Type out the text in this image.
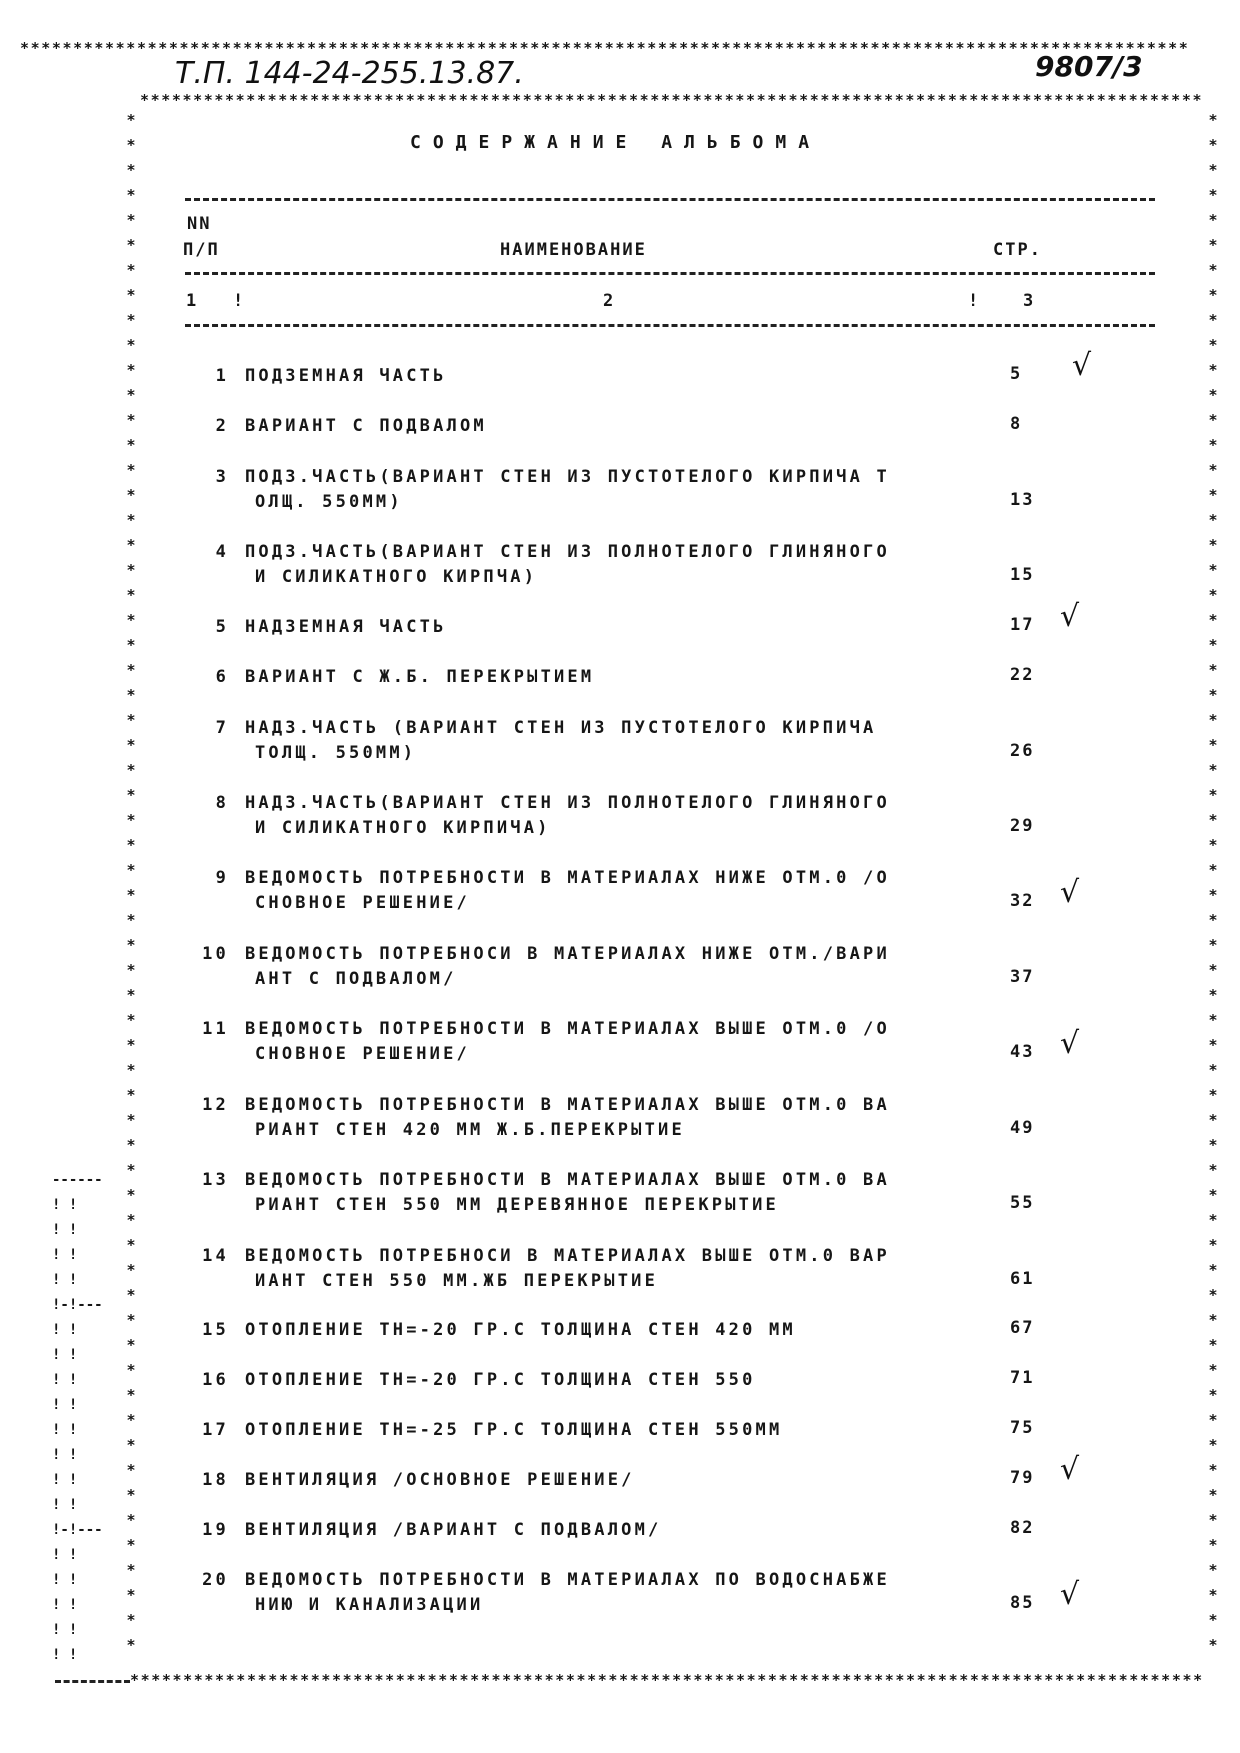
**************************************************************************************************************
****************************************************************************************************
*****************************************************************************************************
*
*
*
*
*
*
*
*
*
*
*
*
*
*
*
*
*
*
*
*
*
*
*
*
*
*
*
*
*
*
*
*
*
*
*
*
*
*
*
*
*
*
*
*
*
*
*
*
*
*
*
*
*
*
*
*
*
*
*
*
*
*
*
*
*
*
*
*
*
*
*
*
*
*
*
*
*
*
*
*
*
*
*
*
*
*
*
*
*
*
*
*
*
*
*
*
*
*
*
*
*
*
*
*
*
*
*
*
*
*
*
*
*
*
*
*
*
*
*
*
*
*
*
*
------
! !
! !
! !
! !
!-!---
! !
! !
! !
! !
! !
! !
! !
! !
!-!---
! !
! !
! !
! !
! !
Т.П. 144-24-255.13.87.	9807/3
СОДЕРЖАНИЕ АЛЬБОМА
NN
П/П	НАИМЕНОВАНИЕ	СТР.
1 !	2	!	3
1 ПОДЗЕМНАЯ ЧАСТЬ	5	√
2 ВАРИАНТ С ПОДВАЛОМ	8
3 ПОДЗ.ЧАСТЬ(ВАРИАНТ СТЕН ИЗ ПУСТОТЕЛОГО КИРПИЧА Т
ОЛЩ. 550ММ)	13
4 ПОДЗ.ЧАСТЬ(ВАРИАНТ СТЕН ИЗ ПОЛНОТЕЛОГО ГЛИНЯНОГО
И СИЛИКАТНОГО КИРПЧА)	15
5 НАДЗЕМНАЯ ЧАСТЬ	17 √
6 ВАРИАНТ С Ж.Б. ПЕРЕКРЫТИЕМ	22
7 НАДЗ.ЧАСТЬ (ВАРИАНТ СТЕН ИЗ ПУСТОТЕЛОГО КИРПИЧА
ТОЛЩ. 550ММ)	26
8 НАДЗ.ЧАСТЬ(ВАРИАНТ СТЕН ИЗ ПОЛНОТЕЛОГО ГЛИНЯНОГО
И СИЛИКАТНОГО КИРПИЧА)	29
9 ВЕДОМОСТЬ ПОТРЕБНОСТИ В МАТЕРИАЛАХ НИЖЕ ОТМ.0 /О
СНОВНОЕ РЕШЕНИЕ/	32 √
10 ВЕДОМОСТЬ ПОТРЕБНОСИ В МАТЕРИАЛАХ НИЖЕ ОТМ./ВАРИ
АНТ С ПОДВАЛОМ/	37
11 ВЕДОМОСТЬ ПОТРЕБНОСТИ В МАТЕРИАЛАХ ВЫШЕ ОТМ.0 /О
СНОВНОЕ РЕШЕНИЕ/	43 √
12 ВЕДОМОСТЬ ПОТРЕБНОСТИ В МАТЕРИАЛАХ ВЫШЕ ОТМ.0 ВА
РИАНТ СТЕН 420 ММ Ж.Б.ПЕРЕКРЫТИЕ	49
13 ВЕДОМОСТЬ ПОТРЕБНОСТИ В МАТЕРИАЛАХ ВЫШЕ ОТМ.0 ВА
РИАНТ СТЕН 550 ММ ДЕРЕВЯННОЕ ПЕРЕКРЫТИЕ	55
14 ВЕДОМОСТЬ ПОТРЕБНОСИ В МАТЕРИАЛАХ ВЫШЕ ОТМ.0 ВАР
ИАНТ СТЕН 550 ММ.ЖБ ПЕРЕКРЫТИЕ	61
15 ОТОПЛЕНИЕ ТН=-20 ГР.С ТОЛЩИНА СТЕН 420 ММ	67
16 ОТОПЛЕНИЕ ТН=-20 ГР.С ТОЛЩИНА СТЕН 550	71
17 ОТОПЛЕНИЕ ТН=-25 ГР.С ТОЛЩИНА СТЕН 550ММ	75
18 ВЕНТИЛЯЦИЯ /ОСНОВНОЕ РЕШЕНИЕ/	79 √
19 ВЕНТИЛЯЦИЯ /ВАРИАНТ С ПОДВАЛОМ/	82
20 ВЕДОМОСТЬ ПОТРЕБНОСТИ В МАТЕРИАЛАХ ПО ВОДОСНАБЖЕ
НИЮ И КАНАЛИЗАЦИИ	85 √
